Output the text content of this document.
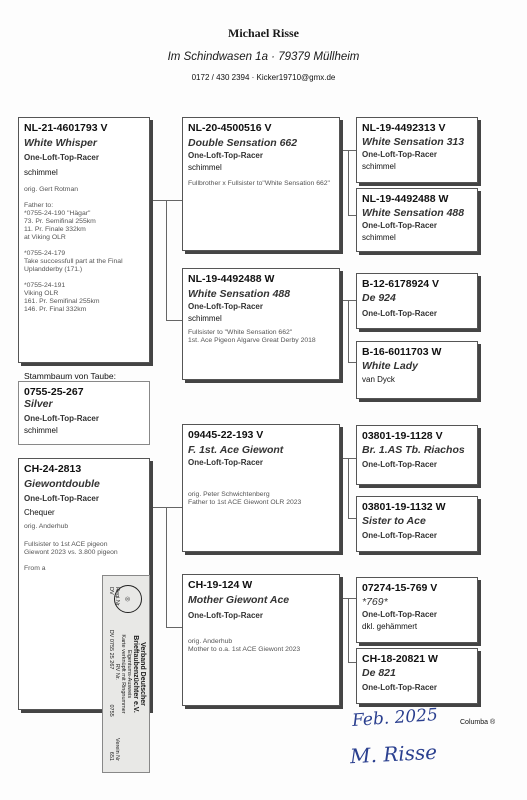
Michael Risse
Im Schindwasen 1a · 79379 Müllheim
0172 / 430 2394 · Kicker19710@gmx.de
NL-21-4601793 V
White Whisper
One-Loft-Top-Racer
schimmel
orig. Gert Rotman
Father to:
*0755-24-190 "Hägar"
73. Pr. Semifinal 255km
11. Pr. Finale 332km
at Viking OLR

*0755-24-179
Take successfull part at the Final Uplandderby (171.)

*0755-24-191
Viking OLR
161. Pr. Semifinal 255km
146. Pr. Final 332km
Stammbaum von Taube:
0755-25-267
Silver
One-Loft-Top-Racer
schimmel
CH-24-2813
Giewontdouble
One-Loft-Top-Racer
Chequer
orig. Anderhub
Fullsister to 1st ACE pigeon
Giewont 2023 vs. 3.800 pigeon
From a
NL-20-4500516 V
Double Sensation 662
One-Loft-Top-Racer
schimmel
Fullbrother x Fullsister to"White Sensation 662"
NL-19-4492488 W
White Sensation 488
One-Loft-Top-Racer
schimmel
Fullsister to "White Sensation 662"
1st. Ace Pigeon Algarve Great Derby 2018
09445-22-193 V
F. 1st. Ace Giewont
One-Loft-Top-Racer
orig. Peter Schwichtenberg
Father to 1st ACE Giewont OLR 2023
CH-19-124 W
Mother Giewont Ace
One-Loft-Top-Racer
orig. Anderhub
Mother to o.a. 1st ACE Giewont 2023
NL-19-4492313 V
White Sensation 313
One-Loft-Top-Racer
schimmel
NL-19-4492488 W
White Sensation 488
One-Loft-Top-Racer
schimmel
B-12-6178924 V
De 924
One-Loft-Top-Racer
B-16-6011703 W
White Lady
van Dyck
03801-19-1128 V
Br. 1.AS Tb. Riachos
One-Loft-Top-Racer
03801-19-1132 W
Sister to Ace
One-Loft-Top-Racer
07274-15-769 V
*769*
One-Loft-Top-Racer
dkl. gehämmert
CH-18-20821 W
De 821
One-Loft-Top-Racer
◎
Verband Deutscher
Brieftaubenzüchter e.V.
Eigentums-Ausweis
Karte verknüpft mit Ringnummer
Regi.Nr
RV Nr.
Verein Nr
DV
DV 0755 25 267
0755
651
Columba ®
Feb. 2025
M. Risse
